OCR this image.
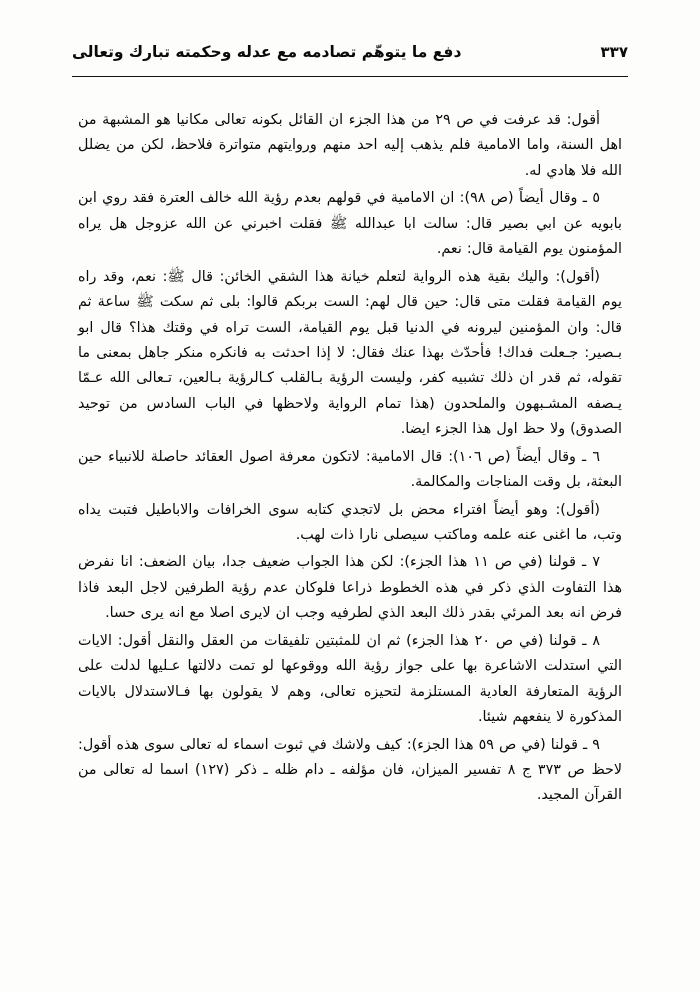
دفع ما يتوهّم تصادمه مع عدله وحكمته تبارك وتعالى	٣٣٧

أقول: قد عرفت في ص ٢٩ من هذا الجزء ان القائل بكونه تعالى مكانيا هو المشبهة من اهل السنة، واما الامامية فلم يذهب إليه احد منهم وروايتهم متواترة فلاحظ، لكن من يضلل الله فلا هادي له.

٥ ـ وقال أيضاً (ص ٩٨): ان الامامية في قولهم بعدم رؤية الله خالف العترة فقد روي ابن بابويه عن ابي بصير قال: سالت ابا عبدالله ﷺ فقلت اخبرني عن الله عزوجل هل يراه المؤمنون يوم القيامة قال: نعم.

(أقول): واليك بقية هذه الرواية لتعلم خيانة هذا الشقي الخائن: قال ﷺ: نعم، وقد راه يوم القيامة فقلت متى قال: حين قال لهم: الست بربكم قالوا: بلى ثم سكت ﷺ ساعة ثم قال: وان المؤمنين ليرونه في الدنيا قبل يوم القيامة، الست تراه في وقتك هذا؟ قال ابو بـصير: جـعلت فداك! فأحدّث بهذا عنك فقال: لا إذا احدثت به فانكره منكر جاهل بمعنى ما تقوله، ثم قدر ان ذلك تشبيه كفر، وليست الرؤية بـالقلب كـالرؤية بـالعين، تـعالى الله عـمّا يـصفه المشـبهون والملحدون (هذا تمام الرواية ولاحظها في الباب السادس من توحيد الصدوق) ولا حظ اول هذا الجزء ايضا.

٦ ـ وقال أيضاً (ص ١٠٦): قال الامامية: لاتكون معرفة اصول العقائد حاصلة للانبياء حين البعثة، بل وقت المناجات والمكالمة.

(أقول): وهو أيضاً افتراء محض بل لاتجدي كتابه سوى الخرافات والاباطيل فتبت يداه وتب، ما اغنى عنه علمه وماكتب سيصلى نارا ذات لهب.

٧ ـ قولنا (في ص ١١ هذا الجزء): لكن هذا الجواب ضعيف جدا، بيان الضعف: انا نفرض هذا التفاوت الذي ذكر في هذه الخطوط ذراعا فلوكان عدم رؤية الطرفين لاجل البعد فاذا فرض انه بعد المرئي بقدر ذلك البعد الذي لطرفيه وجب ان لايرى اصلا مع انه يرى حسا.

٨ ـ قولنا (في ص ٢٠ هذا الجزء) ثم ان للمثبتين تلفيقات من العقل والنقل أقول: الايات التي استدلت الاشاعرة بها على جواز رؤية الله ووقوعها لو تمت دلالتها عـليها لدلت على الرؤية المتعارفة العادية المستلزمة لتحيزه تعالى، وهم لا يقولون بها فـالاستدلال بالايات المذكورة لا ينفعهم شيئا.

٩ ـ قولنا (في ص ٥٩ هذا الجزء): كيف ولاشك في ثبوت اسماء له تعالى سوى هذه أقول: لاحظ ص ٣٧٣ ج ٨ تفسير الميزان، فان مؤلفه ـ دام ظله ـ ذكر (١٢٧) اسما له تعالى من القرآن المجيد.
